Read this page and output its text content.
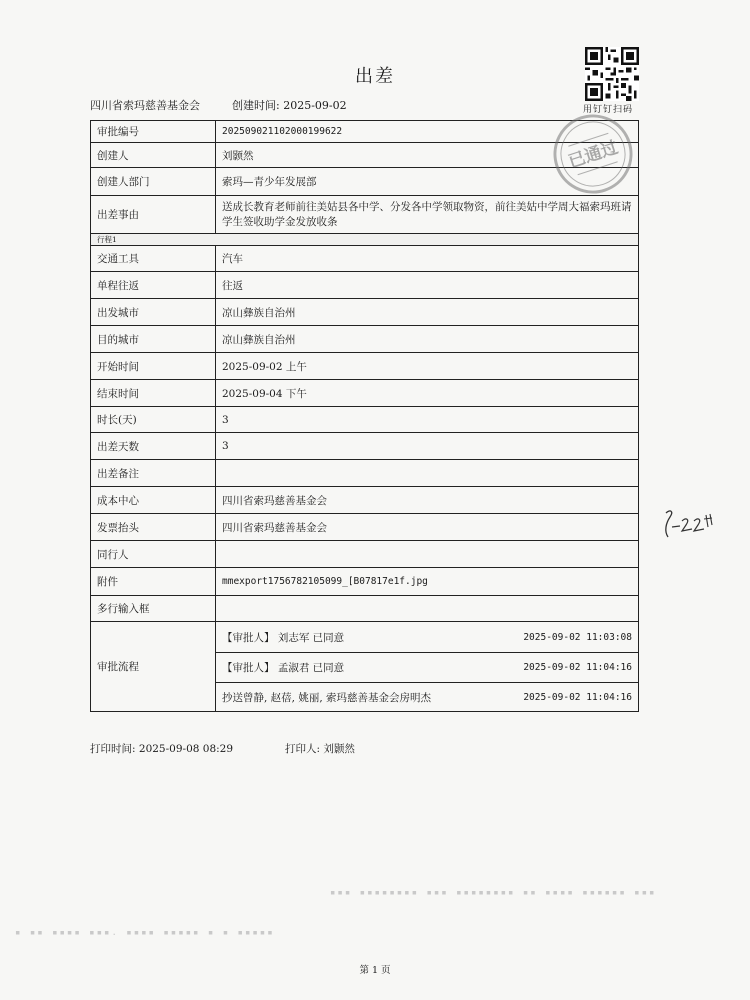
出差
四川省索玛慈善基金会	创建时间: 2025-09-02	用钉钉扫码
审批编号	202509021102000199622
创建人	刘颢然
创建人部门	索玛—青少年发展部
出差事由	送成长教育老师前往美姑县各中学、分发各中学领取物资，前往美姑中学周大福索玛班请学生签收助学金发放收条
行程1	
交通工具	汽车
单程往返	往返
出发城市	凉山彝族自治州
目的城市	凉山彝族自治州
开始时间	2025-09-02 上午
结束时间	2025-09-04 下午
时长(天)	3
出差天数	3
出差备注	
成本中心	四川省索玛慈善基金会
发票抬头	四川省索玛慈善基金会
同行人	
附件	mmexport1756782105099_[B07817e1f.jpg
多行输入框	
审批流程	【审批人】 刘志军 已同意 2025-09-02 11:03:08

	【审批人】 孟淑君 已同意 2025-09-02 11:04:16

	抄送曾静, 赵蓓, 姚丽, 索玛慈善基金会房明杰 2025-09-02 11:04:16
已通过
打印时间: 2025-09-08 08:29	打印人: 刘颢然
▪▪▪ ▪▪▪▪▪▪▪▪ ▪▪▪ ▪▪▪▪▪▪▪▪ ▪▪ ▪▪▪▪ ▪▪▪▪▪▪ ▪▪▪
▪ ▪▪ ▪▪▪▪ ▪▪▪. ▪▪▪▪ ▪▪▪▪▪ ▪ ▪ ▪▪▪▪▪
第 1 页
